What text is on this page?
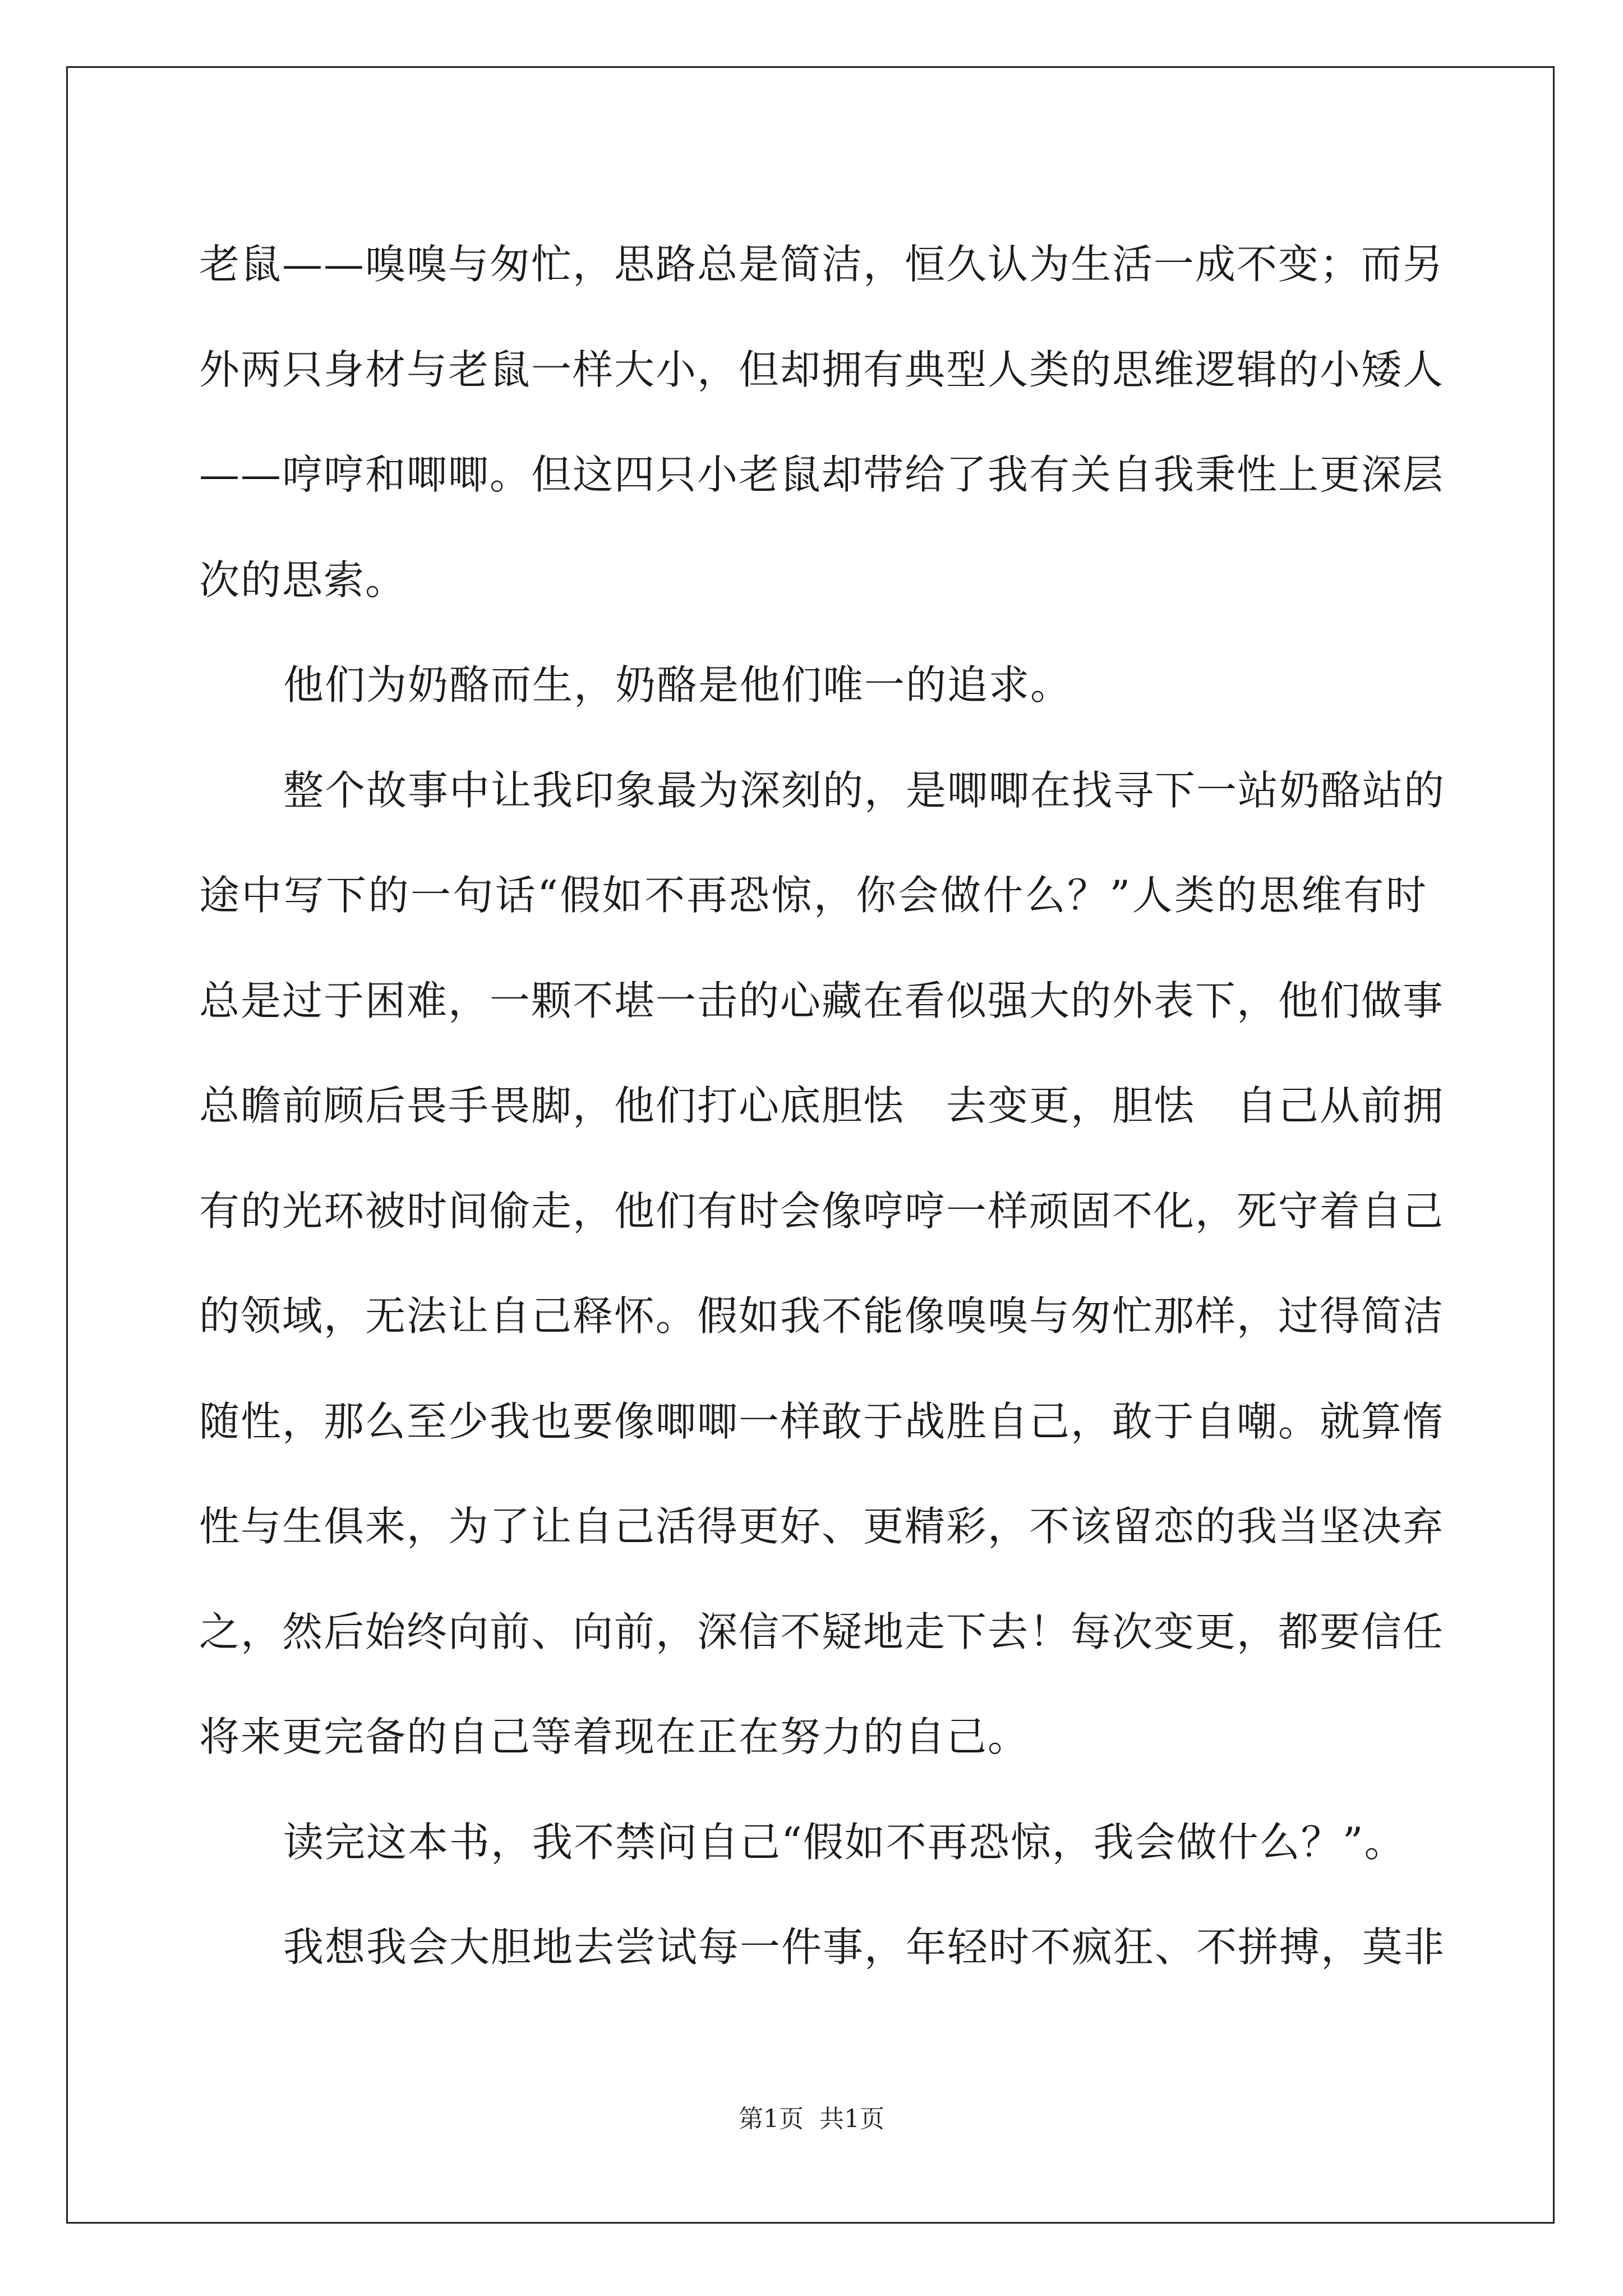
老鼠——嗅嗅与匆忙，思路总是简洁，恒久认为生活一成不变；而另
外两只身材与老鼠一样大小，但却拥有典型人类的思维逻辑的小矮人
——哼哼和唧唧。但这四只小老鼠却带给了我有关自我秉性上更深层
次的思索。
他们为奶酪而生，奶酪是他们唯一的追求。
整个故事中让我印象最为深刻的，是唧唧在找寻下一站奶酪站的
途中写下的一句话“假如不再恐惊，你会做什么？”人类的思维有时
总是过于困难，一颗不堪一击的心藏在看似强大的外表下，他们做事
总瞻前顾后畏手畏脚，他们打心底胆怯　去变更，胆怯　自己从前拥
有的光环被时间偷走，他们有时会像哼哼一样顽固不化，死守着自己
的领域，无法让自己释怀。假如我不能像嗅嗅与匆忙那样，过得简洁
随性，那么至少我也要像唧唧一样敢于战胜自己，敢于自嘲。就算惰
性与生俱来，为了让自己活得更好、更精彩，不该留恋的我当坚决弃
之，然后始终向前、向前，深信不疑地走下去！每次变更，都要信任
将来更完备的自己等着现在正在努力的自己。
读完这本书，我不禁问自己“假如不再恐惊，我会做什么？”。
我想我会大胆地去尝试每一件事，年轻时不疯狂、不拼搏，莫非
第1页 共1页
